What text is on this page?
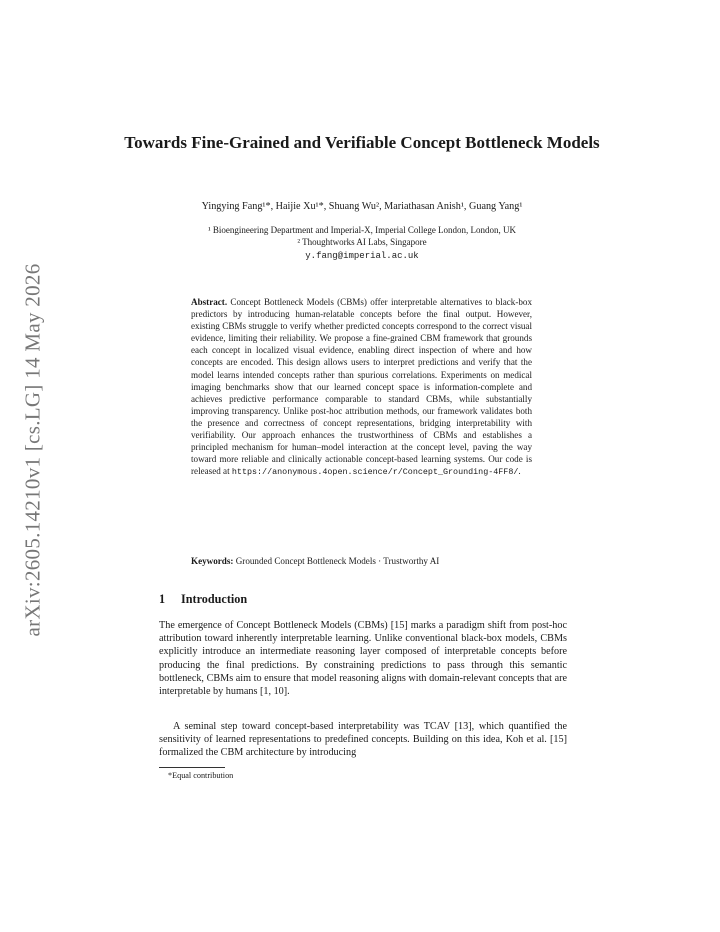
arXiv:2605.14210v1 [cs.LG] 14 May 2026
Towards Fine-Grained and Verifiable Concept Bottleneck Models
Yingying Fang¹*, Haijie Xu¹*, Shuang Wu², Mariathasan Anish¹, Guang Yang¹
¹ Bioengineering Department and Imperial-X, Imperial College London, London, UK
² Thoughtworks AI Labs, Singapore
y.fang@imperial.ac.uk
Abstract. Concept Bottleneck Models (CBMs) offer interpretable alternatives to black-box predictors by introducing human-relatable concepts before the final output. However, existing CBMs struggle to verify whether predicted concepts correspond to the correct visual evidence, limiting their reliability. We propose a fine-grained CBM framework that grounds each concept in localized visual evidence, enabling direct inspection of where and how concepts are encoded. This design allows users to interpret predictions and verify that the model learns intended concepts rather than spurious correlations. Experiments on medical imaging benchmarks show that our learned concept space is information-complete and achieves predictive performance comparable to standard CBMs, while substantially improving transparency. Unlike post-hoc attribution methods, our framework validates both the presence and correctness of concept representations, bridging interpretability with verifiability. Our approach enhances the trustworthiness of CBMs and establishes a principled mechanism for human–model interaction at the concept level, paving the way toward more reliable and clinically actionable concept-based learning systems. Our code is released at https://anonymous.4open.science/r/Concept_Grounding-4FF8/.
Keywords: Grounded Concept Bottleneck Models · Trustworthy AI
1 Introduction

The emergence of Concept Bottleneck Models (CBMs) [15] marks a paradigm shift from post-hoc attribution toward inherently interpretable learning. Unlike conventional black-box models, CBMs explicitly introduce an intermediate reasoning layer composed of interpretable concepts before producing the final predictions. By constraining predictions to pass through this semantic bottleneck, CBMs aim to ensure that model reasoning aligns with domain-relevant concepts that are interpretable by humans [1, 10].

A seminal step toward concept-based interpretability was TCAV [13], which quantified the sensitivity of learned representations to predefined concepts. Building on this idea, Koh et al. [15] formalized the CBM architecture by introducing

*Equal contribution
